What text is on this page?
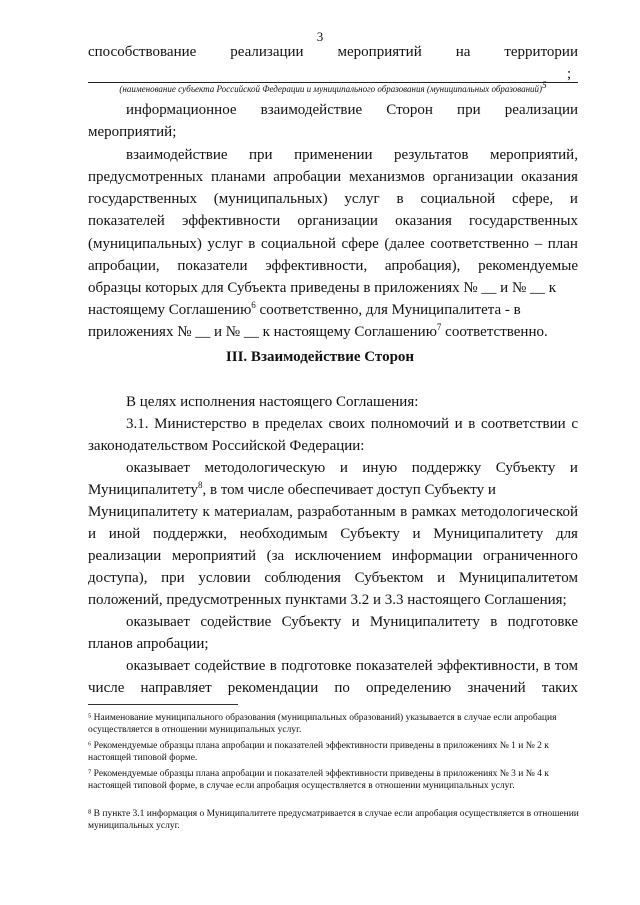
3
способствование реализации мероприятий на территории
;
(наименование субъекта Российской Федерации и муниципального образования (муниципальных образований)$^5$
информационное взаимодействие Сторон при реализации
мероприятий;
взаимодействие при применении результатов мероприятий,
предусмотренных планами апробации механизмов организации оказания
государственных (муниципальных) услуг в социальной сфере, и
показателей эффективности организации оказания государственных
(муниципальных) услуг в социальной сфере (далее соответственно – план
апробации, показатели эффективности, апробация), рекомендуемые
образцы которых для Субъекта приведены в приложениях № __ и № __ к
настоящему Соглашению$^6$ соответственно, для Муниципалитета - в
приложениях № __ и № __ к настоящему Соглашению$^7$ соответственно.
III. Взаимодействие Сторон
В целях исполнения настоящего Соглашения:
3.1. Министерство в пределах своих полномочий и в соответствии с
законодательством Российской Федерации:
оказывает методологическую и иную поддержку Субъекту и
Муниципалитету$^8$, в том числе обеспечивает доступ Субъекту и
Муниципалитету к материалам, разработанным в рамках методологической
и иной поддержки, необходимым Субъекту и Муниципалитету для
реализации мероприятий (за исключением информации ограниченного
доступа), при условии соблюдения Субъектом и Муниципалитетом
положений, предусмотренных пунктами 3.2 и 3.3 настоящего Соглашения;
оказывает содействие Субъекту и Муниципалитету в подготовке
планов апробации;
оказывает содействие в подготовке показателей эффективности, в том
числе направляет рекомендации по определению значений таких
⁵ Наименование муниципального образования (муниципальных образований) указывается в случае если апробация осуществляется в отношении муниципальных услуг.
⁶ Рекомендуемые образцы плана апробации и показателей эффективности приведены в приложениях № 1 и № 2 к настоящей типовой форме.
⁷ Рекомендуемые образцы плана апробации и показателей эффективности приведены в приложениях № 3 и № 4 к настоящей типовой форме, в случае если апробация осуществляется в отношении муниципальных услуг.
⁸ В пункте 3.1 информация о Муниципалитете предусматривается в случае если апробация осуществляется в отношении муниципальных услуг.
